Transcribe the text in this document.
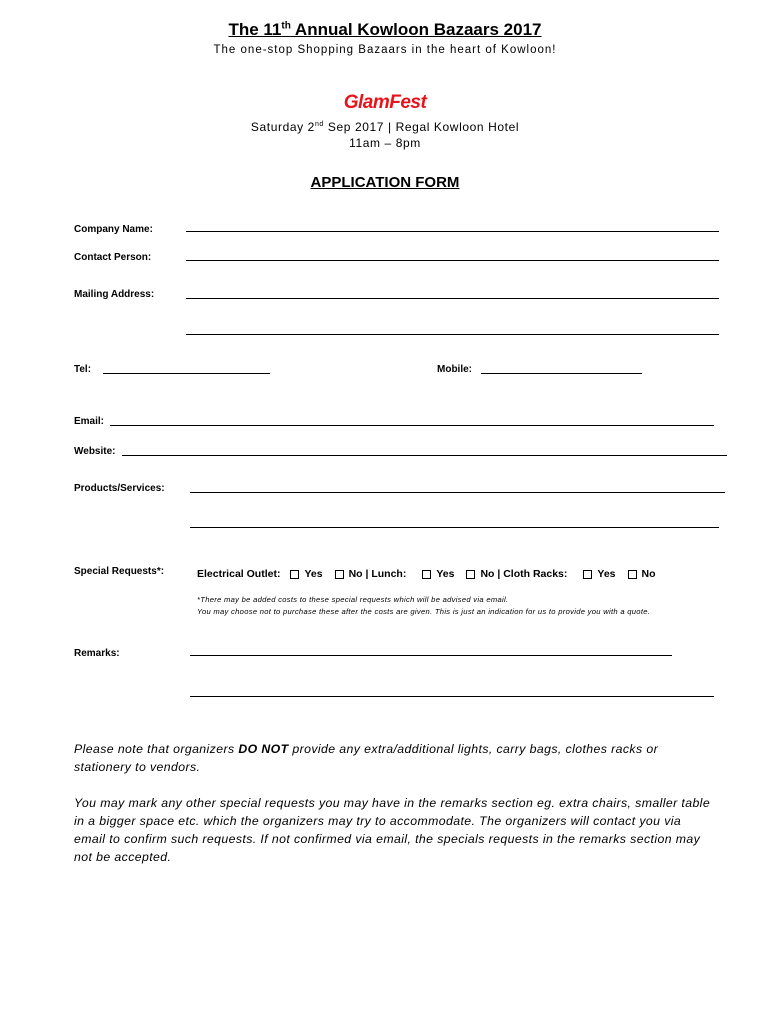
The 11th Annual Kowloon Bazaars 2017
The one-stop Shopping Bazaars in the heart of Kowloon!
GlamFest
Saturday 2nd Sep 2017 | Regal Kowloon Hotel
11am – 8pm
APPLICATION FORM
Company Name:
Contact Person:
Mailing Address:
Tel:	Mobile:
Email:
Website:
Products/Services:
Special Requests*:	Electrical Outlet: Yes No | Lunch:	Yes No | Cloth Racks:	Yes No
*There may be added costs to these special requests which will be advised via email.
You may choose not to purchase these after the costs are given. This is just an indication for us to provide you with a quote.
Remarks:
Please note that organizers DO NOT provide any extra/additional lights, carry bags, clothes racks or stationery to vendors.
You may mark any other special requests you may have in the remarks section eg. extra chairs, smaller table in a bigger space etc. which the organizers may try to accommodate. The organizers will contact you via email to confirm such requests. If not confirmed via email, the specials requests in the remarks section may not be accepted.
